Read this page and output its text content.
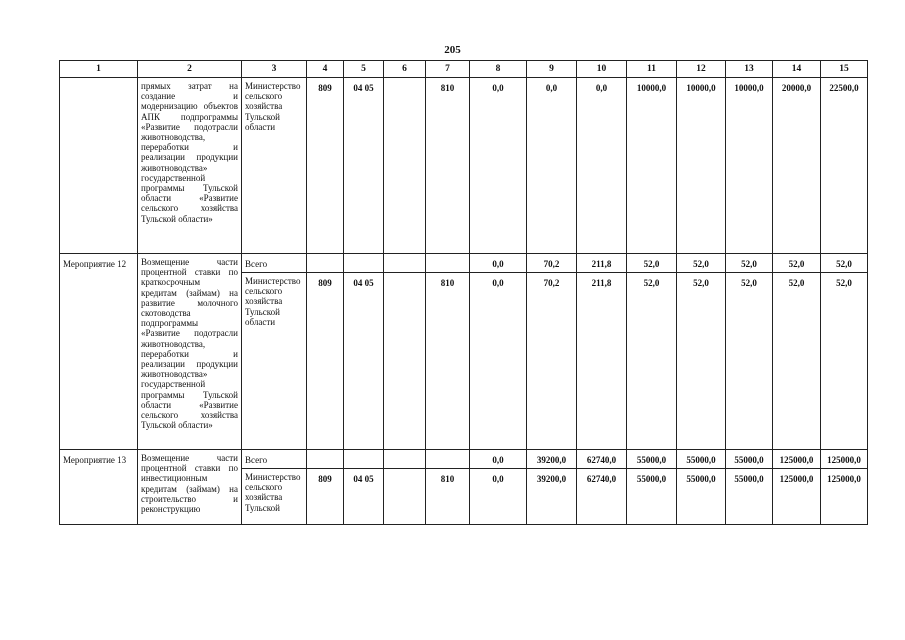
205
1	2	3	4	5	6	7	8	9	10	11	12	13	14	15
	прямых затрат на создание и модернизацию объектов АПК подпрограммы «Развитие подотрасли животноводства, переработки и реализации продукции животноводства» государственной программы Тульской области «Развитие сельского хозяйства Тульской области»	Министерство сельского хозяйства Тульской области	809	04 05		810	0,0	0,0	0,0	10000,0	10000,0	10000,0	20000,0	22500,0
Мероприятие 12	Возмещение части процентной ставки по краткосрочным кредитам (займам) на развитие молочного скотоводства подпрограммы «Развитие подотрасли животноводства, переработки и реализации продукции животноводства» государственной программы Тульской области «Развитие сельского хозяйства Тульской области»	Всего					0,0	70,2	211,8	52,0	52,0	52,0	52,0	52,0
		Министерство сельского хозяйства Тульской области	809	04 05		810	0,0	70,2	211,8	52,0	52,0	52,0	52,0	52,0
Мероприятие 13	Возмещение части процентной ставки по инвестиционным кредитам (займам) на строительство и реконструкцию	Всего					0,0	39200,0	62740,0	55000,0	55000,0	55000,0	125000,0	125000,0
		Министерство сельского хозяйства Тульской	809	04 05		810	0,0	39200,0	62740,0	55000,0	55000,0	55000,0	125000,0	125000,0
